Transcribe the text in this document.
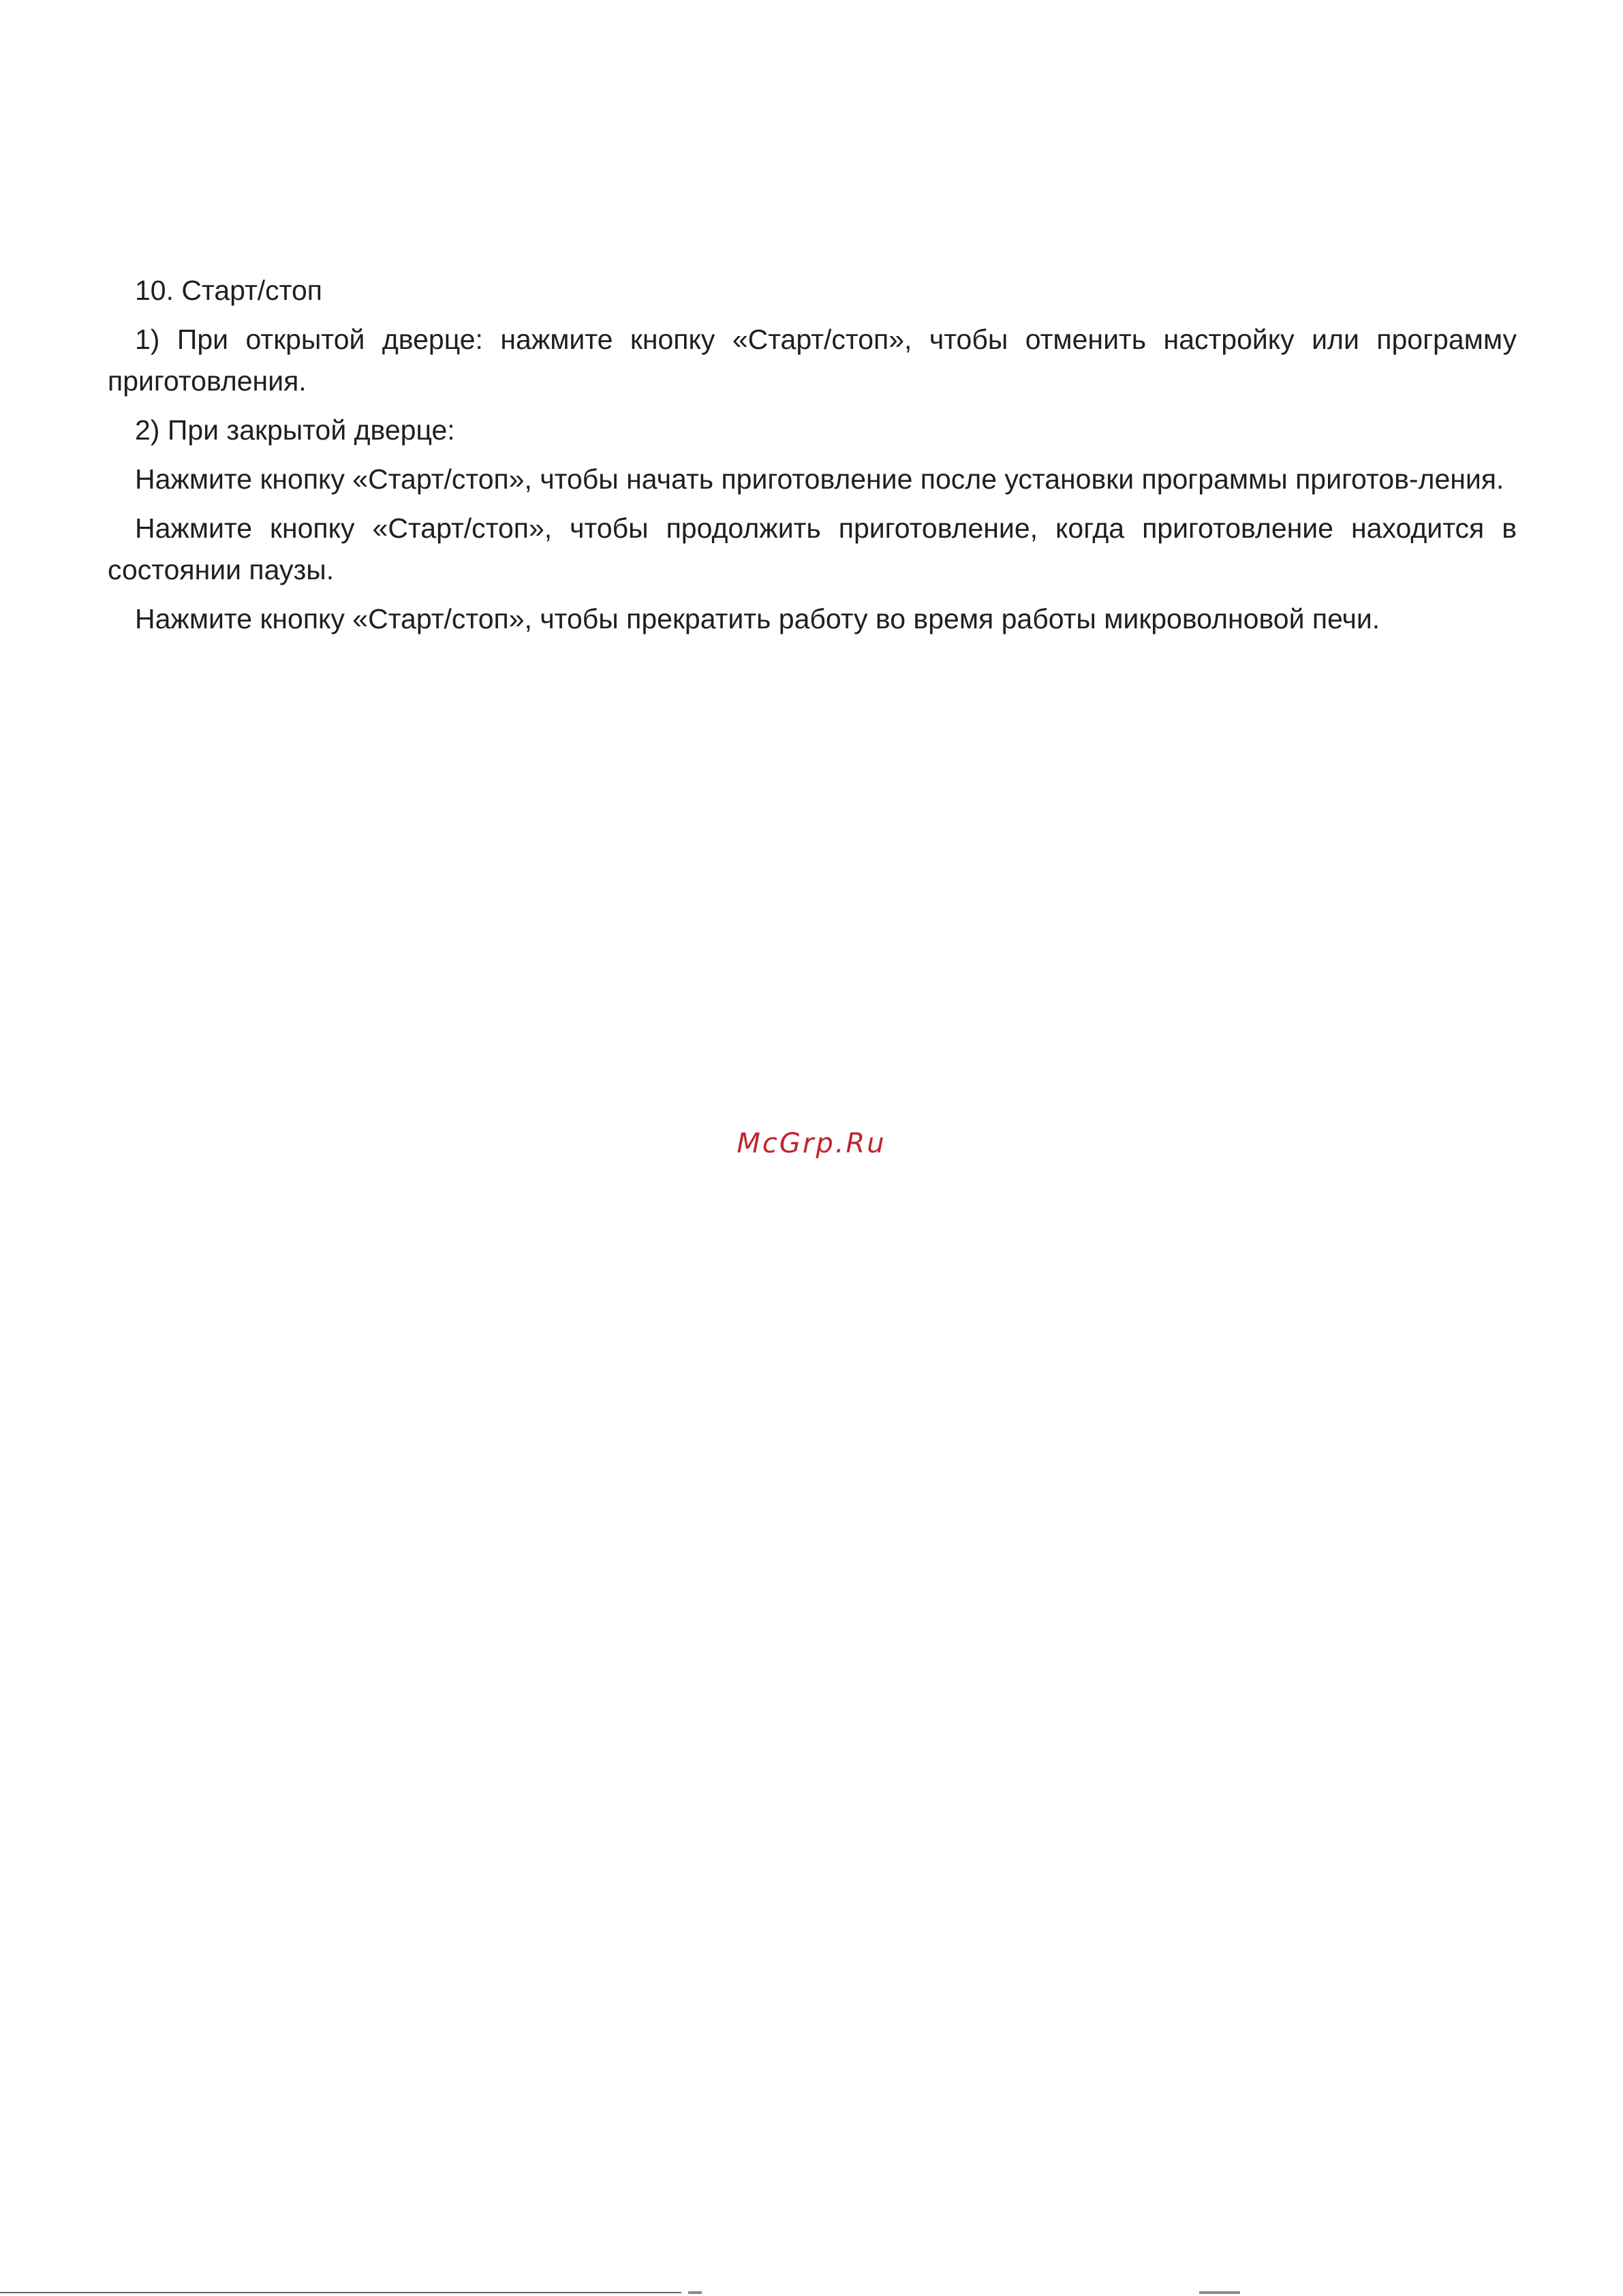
10. Старт/стоп

1) При открытой дверце: нажмите кнопку «Старт/стоп», чтобы отменить настройку или программу приготовления.

2) При закрытой дверце:

Нажмите кнопку «Старт/стоп», чтобы начать приготовление после установки программы приготов-ления.

Нажмите кнопку «Старт/стоп», чтобы продолжить приготовление, когда приготовление находится в состоянии паузы.

Нажмите кнопку «Старт/стоп», чтобы прекратить работу во время работы микроволновой печи.

McGrp.Ru
